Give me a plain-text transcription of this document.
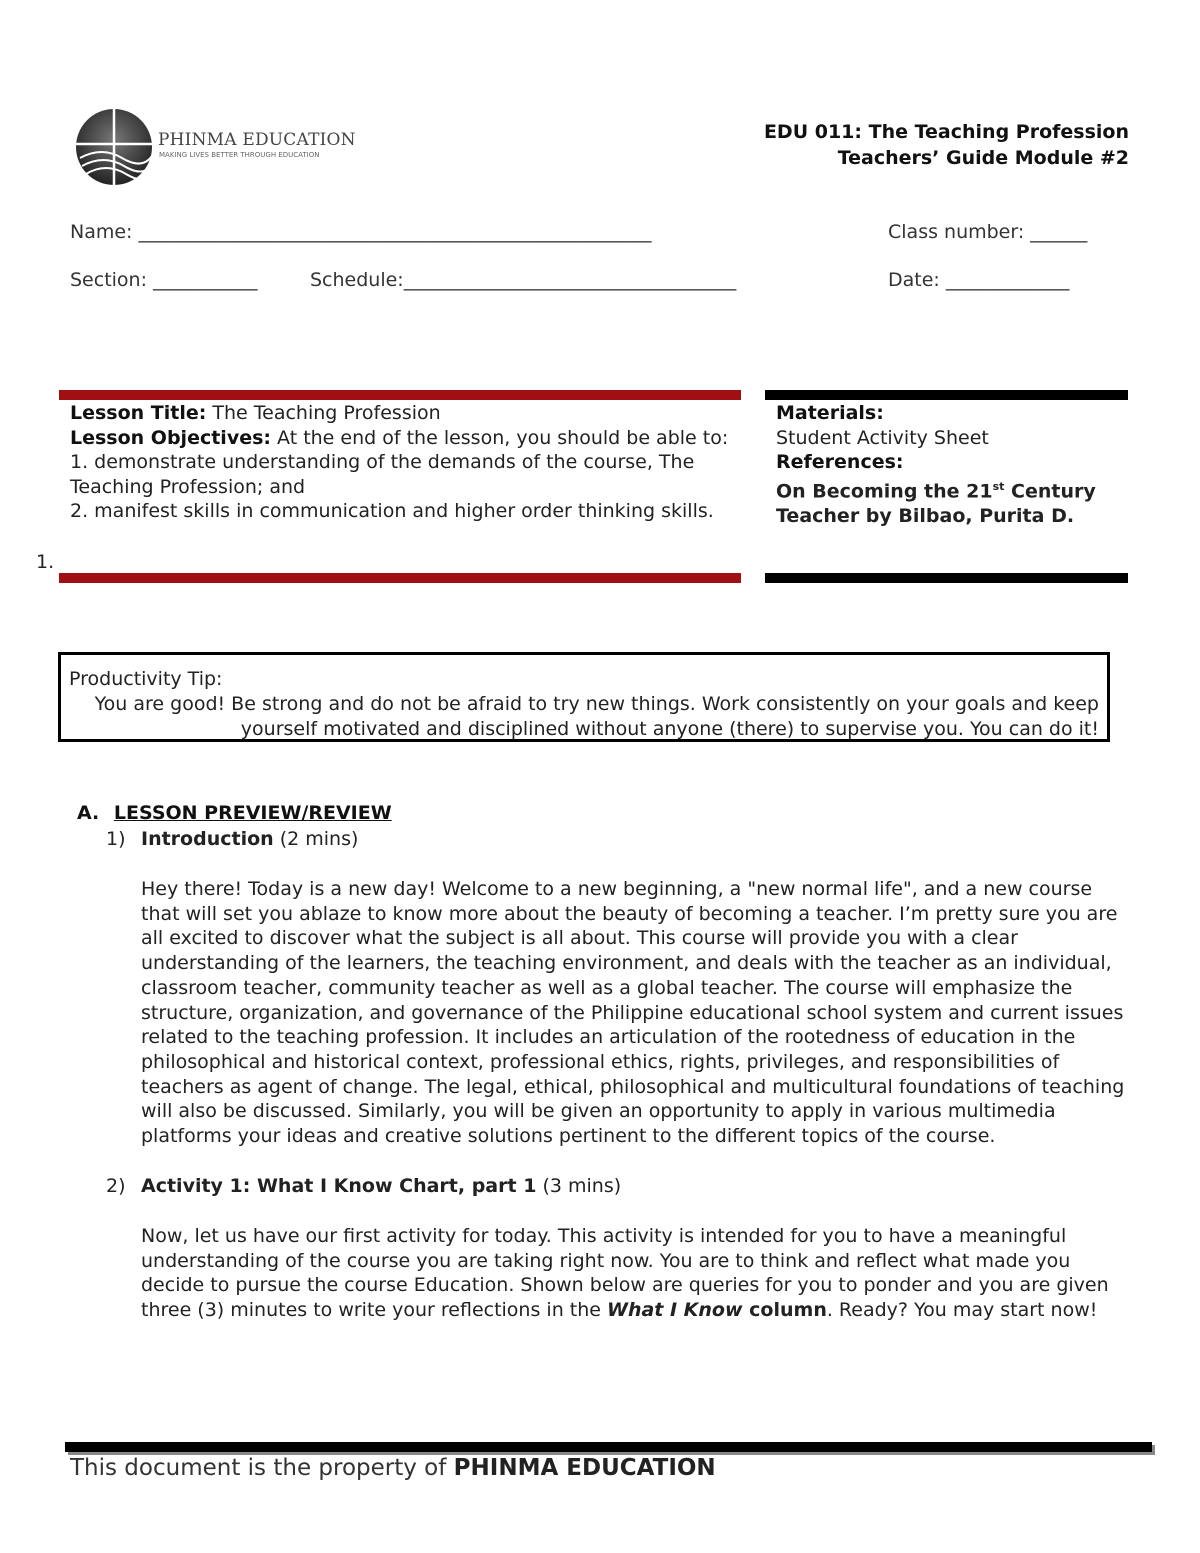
PHINMA EDUCATION
MAKING LIVES BETTER THROUGH EDUCATION
EDU 011: The Teaching Profession
Teachers’ Guide Module #2
Name: ______________________________________________________	Class number: ______
Section: ___________	Schedule:___________________________________	Date: _____________
Lesson Title: The Teaching Profession
Lesson Objectives: At the end of the lesson, you should be able to:
1. demonstrate understanding of the demands of the course, The
Teaching Profession; and
2. manifest skills in communication and higher order thinking skills.
1.
Materials:
Student Activity Sheet
References:
On Becoming the 21st Century
Teacher by Bilbao, Purita D.
Productivity Tip:
You are good! Be strong and do not be afraid to try new things. Work consistently on your goals and keep
yourself motivated and disciplined without anyone (there) to supervise you. You can do it!
A. LESSON PREVIEW/REVIEW
1) Introduction (2 mins)
Hey there! Today is a new day! Welcome to a new beginning, a "new normal life", and a new course
that will set you ablaze to know more about the beauty of becoming a teacher. I’m pretty sure you are
all excited to discover what the subject is all about. This course will provide you with a clear
understanding of the learners, the teaching environment, and deals with the teacher as an individual,
classroom teacher, community teacher as well as a global teacher. The course will emphasize the
structure, organization, and governance of the Philippine educational school system and current issues
related to the teaching profession. It includes an articulation of the rootedness of education in the
philosophical and historical context, professional ethics, rights, privileges, and responsibilities of
teachers as agent of change. The legal, ethical, philosophical and multicultural foundations of teaching
will also be discussed. Similarly, you will be given an opportunity to apply in various multimedia
platforms your ideas and creative solutions pertinent to the different topics of the course.
2) Activity 1: What I Know Chart, part 1 (3 mins)
Now, let us have our first activity for today. This activity is intended for you to have a meaningful
understanding of the course you are taking right now. You are to think and reflect what made you
decide to pursue the course Education. Shown below are queries for you to ponder and you are given
three (3) minutes to write your reflections in the What I Know column. Ready? You may start now!
This document is the property of PHINMA EDUCATION
